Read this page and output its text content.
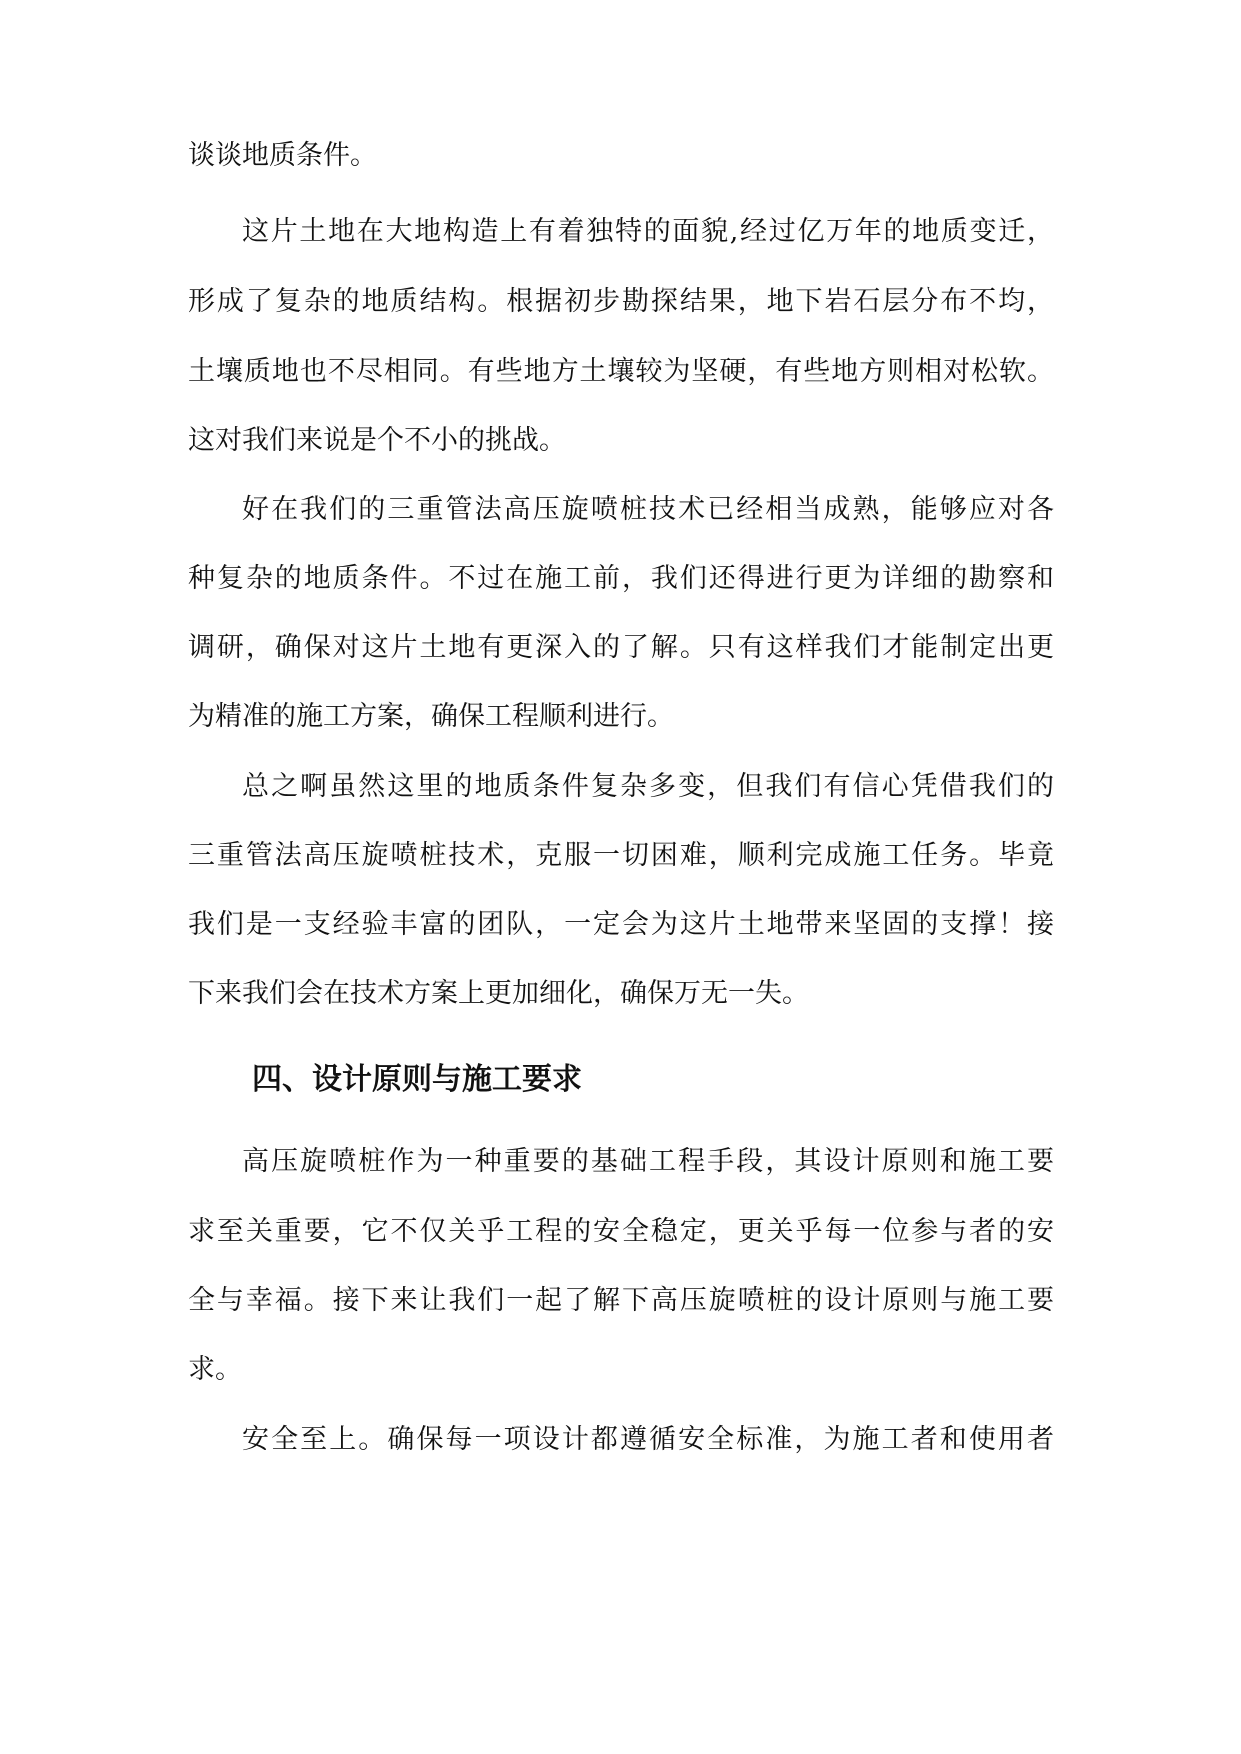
谈谈地质条件。

这片土地在大地构造上有着独特的面貌,经过亿万年的地质变迁，

形成了复杂的地质结构。根据初步勘探结果，地下岩石层分布不均，

土壤质地也不尽相同。有些地方土壤较为坚硬，有些地方则相对松软。

这对我们来说是个不小的挑战。

好在我们的三重管法高压旋喷桩技术已经相当成熟，能够应对各

种复杂的地质条件。不过在施工前，我们还得进行更为详细的勘察和

调研，确保对这片土地有更深入的了解。只有这样我们才能制定出更

为精准的施工方案，确保工程顺利进行。

总之啊虽然这里的地质条件复杂多变，但我们有信心凭借我们的

三重管法高压旋喷桩技术，克服一切困难，顺利完成施工任务。毕竟

我们是一支经验丰富的团队，一定会为这片土地带来坚固的支撑！接

下来我们会在技术方案上更加细化，确保万无一失。

四、设计原则与施工要求

高压旋喷桩作为一种重要的基础工程手段，其设计原则和施工要

求至关重要，它不仅关乎工程的安全稳定，更关乎每一位参与者的安

全与幸福。接下来让我们一起了解下高压旋喷桩的设计原则与施工要

求。

安全至上。确保每一项设计都遵循安全标准，为施工者和使用者
